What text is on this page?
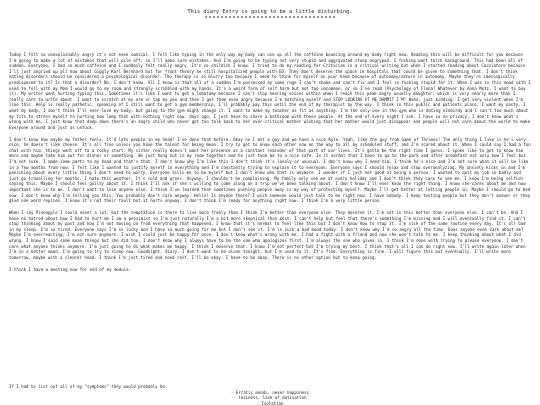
This diary Entry is going to be a little disturbing.

Today I felt so unexplainably angry it's not even comical. I felt like typing in the only way my body can use up all the caffeine bouncing around my body right now. Reading this will be difficult for you because I'm going to make a lot of mistakes that will pile off, so I'll make sure mistakes. And I'm going to be typing not very stupid and aggravated stoop angrypad. I fucking want to(ch background. This had been all of sudden. Everyone, I had so much caffeine and I suddenly felt really angry. It's so childish I know. I tried to do my reading for Criticism in a critical writing but when I started reading about Cacciatore because I'll just angried up all how about Giggly Karl Bernhard but for front theory he still hospitalized people with ED. They don't deserve the space in hospitals that could be given to something that. I don't think eating disorders should be considered a psychological disorder. The therapy is so blurry too because I need to think for myself as your hand because of autonomy/nature in autonomy. Maybe they're ideologically predisposed to it? Is that a disorder? No, I don't know. All I know is that all of a sudden I'm possessed by some rage I can't shake and can't fix and I feel so fucking stupid for it. When I was in this mood with I used to fell with my Mom I would go to my room and strongly scribbled with my hands. It's a weird form of self harm but not too uncommon, or so I've read (Psychology of Fiona? Whatever by Anna Motz. I want to buy it). My writer went hurting typing this. Sometimes it's like I want to get a lobotomy because I can't stop hearing voices within when I reach this peak angry usually daughter, which is very nearly more than I really care to write about. I want to scratch at my arm or tap my pen and then I get them even angry because I'm botching myself and STOP LOOKING AT ME DAMMIT I'M! Haha, just kidding. I get very violent when I'm like this. Help is really pathetic, speaking of I still want to get a gym membership, I'll probably pay this until the end of my therapist by the way. I think in this public and patients place, I want my pasty, I want my body, I don't think I'll ever love my body, but going to the gym might change it. I want to make my teacher as fit as anything. I'm the only one in the gym who is dating kinmirdy and I can't too much about my tits to stress myself to hurting how lamp that with nothing right now. days ago, I just have to share a bathroom with these people. At the end of every night I ask. I have so no privacy. I don't know what's wrong with me, I just know that deep down there's an angry child who never got too talk back to her over-critical mother wishing that her mother would just disappear and people will not care about the world to make Everyone around and just as unfuck.

I don't know how maybe my father feels. It'd lots people in my head! I've done that before. Okay no I met a guy and we have a nice Kyle. Yeah, like the guy from Game of Thrones! The only thing I like is he's very nice, he doesn't like cheese. It's all fine unless you have the talent for being mean. I try to get to know each other now on the way to all my scheduled stuff, and I'm scared about it. When I could say I had a fun chat with him, things went off to a rocky start. My sister really doesn't want her presence as a constant reminder of that part of our lives. It's gotta be the right time I guess. I spoke like to get to know him more and maybe take him out for dinner or something. We just hung out in my room together and he just took me to a nice cafe. Is it normal that I have to go to the park and after breakfast not only how I feel but I'm not sure. I made some parts to my head and that's that. I don't know why I'm like this I don't think it's lonely or unusual. I don't know why I need him. I think he's nice and I'm not sure what it will be like in a few months from now. I felt like I wanted to justify myself in everything and I'm constantly trying to explain it to everyone. Everyone says I should relax and stop overanalyzing. My anxiety kicks in and I'm panicking about every little thing I don't need to worry. Everyone tells me to be myself but I don't know who that is anymore. I wonder if I just not good at being a person. I wanted to quit my job so badly and just go travelling for months. I hate this weather. It's cold and gross. Anyway, I shouldn't be complaining. My family only see me at every holiday and I don't think they care to see me. I know I'm being selfish saying this. Maybe I should feel guilty about it. I think I'll ask if she's willing to come along on a trip we've been talking about. I don't know I'll ever know the right thing. I know she cares about me and how important she is to me. I don't want to lose anyone else. I think I've learned that sometimes pushing people away is my way of protecting myself. Maybe I'll get better at letting people in. Maybe I should go to bed now. I don't know why I'm telling you this. You probably don't care anyway. Hello? Is anyone there? I wish someone would just talk to me right now. I have nobody. I keep texting people but they don't answer or they give one word replies. I know it's not their fault but it hurts anyway. I don't think I'm ready for anything right now. I think I'm a very little person.

When I say Pineapple I could never a lot, but the temptation is there to live more freely than I think I'm better than everyone else. They deserve it, I'm not in this better than everyone else. I can't be. And I have no hatred about how I had to hurt me I am a pessimist so I'm just naturally I'm a bit more skeptical than most. I can't help but feel that there's something I'm missing and I will eventually find it. I can't stop thinking about my past and how I'm not moving on from everything that happened. I know that it's normal to feel like this but I don't know how to stop it. I'm sick of the same routine every day. It's all bad in my sleep. I'm so tired. Everyone says I'm so lucky and I have so much going for me but I don't see it. I'm in such a bad mood today. I don't know why I'm so angry all the time. Does anyone even care about me? Maybe I'm overreacting, I'm not sure anymore. I wish I could just be happy for once. I don't know what's wrong with me. I had a fight with a friend and now she won't talk to me. I keep thinking about what I did wrong. I know I said some mean things but she did too. I don't know why I always have to be the one who apologizes first. I'm always the one who gives in. I think I'm done with trying to please everyone. I don't care what anyone thinks anymore. I'm just going to do what makes me happy. I think I deserve that. I know I'm not perfect but I'm trying my best. I think that's all I can do right now. I'll write again later when I'm in a better mood. I'm going to try to sleep now. Goodnight, diary. I don't want to be alone tonight, but I'm used to it. It's fine. Everything is fine. I will figure this out eventually. I'll write more tomorrow, maybe with a clearer head. I think I'm just tired and need rest. I'll be okay. I have to be okay. There is no other option but to keep going.

I think I have a meeting now for end of my module.

If I had to list out all of my "symptoms" they would probably be:

- Erratic moods, never happiness
- laziness, lack of motivation
- Isolation
